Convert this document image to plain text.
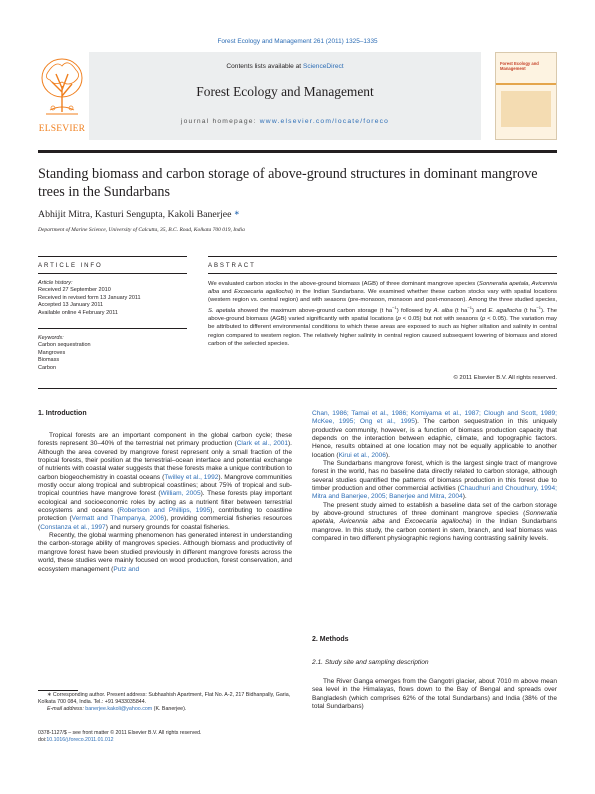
Forest Ecology and Management 261 (2011) 1325–1335
ELSEVIER
Contents lists available at ScienceDirect
Forest Ecology and Management
journal homepage: www.elsevier.com/locate/foreco
Forest Ecology and Management
Standing biomass and carbon storage of above-ground structures in dominant mangrove trees in the Sundarbans
Abhijit Mitra, Kasturi Sengupta, Kakoli Banerjee ∗
Department of Marine Science, University of Calcutta, 35, B.C. Road, Kolkata 700 019, India
ARTICLE INFO	ABSTRACT
Article history:
Received 27 September 2010
Received in revised form 13 January 2011
Accepted 13 January 2011
Available online 4 February 2011
Keywords:
Carbon sequestration
Mangroves
Biomass
Carbon
We evaluated carbon stocks in the above-ground biomass (AGB) of three dominant mangrove species (Sonneratia apetala, Avicennia alba and Excoecaria agallocha) in the Indian Sundarbans. We examined whether these carbon stocks vary with spatial locations (western region vs. central region) and with seasons (pre-monsoon, monsoon and post-monsoon). Among the three studied species, S. apetala showed the maximum above-ground carbon storage (t $ha^{-1}$) followed by A. alba (t $ha^{-1}$) and E. agallocha (t $ha^{-1}$). The above-ground biomass (AGB) varied significantly with spatial locations (p < 0.05) but not with seasons (p < 0.05). The variation may be attributed to different environmental conditions to which these areas are exposed to such as higher siltation and salinity in central region compared to western region. The relatively higher salinity in central region caused subsequent lowering of biomass and stored carbon of the selected species.
© 2011 Elsevier B.V. All rights reserved.
1. Introduction

Tropical forests are an important component in the global carbon cycle; these forests represent 30–40% of the terrestrial net primary production (Clark et al., 2001). Although the area covered by mangrove forest represent only a small fraction of the tropical forests, their position at the terrestrial–ocean interface and potential exchange of nutrients with coastal water suggests that these forests make a unique contribution to carbon biogeochemistry in coastal oceans (Twilley et al., 1992). Mangrove communities mostly occur along tropical and subtropical coastlines; about 75% of tropical and sub-tropical countries have mangrove forest (William, 2005). These forests play important ecological and socioeconomic roles by acting as a nutrient filter between terrestrial ecosystems and oceans (Robertson and Phillips, 1995), contributing to coastline protection (Vermatt and Thampanya, 2006), providing commercial fisheries resources (Constanza et al., 1997) and nursery grounds for coastal fisheries.

Recently, the global warming phenomenon has generated interest in understanding the carbon-storage ability of mangroves species. Although biomass and productivity of mangrove forest have been studied previously in different mangrove forests across the world, these studies were mainly focused on wood production, forest conservation, and ecosystem management (Putz and

∗ Corresponding author. Present address: Subhashish Apartment, Flat No. A-2, 217 Bidhanpally, Garia, Kolkata 700 084, India. Tel.: +91 9433035844.
E-mail address: banerjee.kakoli@yahoo.com (K. Banerjee).
0378-1127/$ – see front matter © 2011 Elsevier B.V. All rights reserved.
doi:10.1016/j.foreco.2011.01.012

Chan, 1986; Tamai et al., 1986; Komiyama et al., 1987; Clough and Scott, 1989; McKee, 1995; Ong et al., 1995). The carbon sequestration in this uniquely productive community, however, is a function of biomass production capacity that depends on the interaction between edaphic, climate, and topographic factors. Hence, results obtained at one location may not be equally applicable to another location (Kirui et al., 2006).

The Sundarbans mangrove forest, which is the largest single tract of mangrove forest in the world, has no baseline data directly related to carbon storage, although several studies quantified the patterns of biomass production in this forest due to timber production and other commercial activities (Chaudhuri and Choudhury, 1994; Mitra and Banerjee, 2005; Banerjee and Mitra, 2004).

The present study aimed to establish a baseline data set of the carbon storage by above-ground structures of three dominant mangrove species (Sonneratia apetala, Avicennia alba and Excoecaria agallocha) in the Indian Sundarbans mangrove. In this study, the carbon content in stem, branch, and leaf biomass was compared in two different physiographic regions having contrasting salinity levels.

2. Methods
2.1. Study site and sampling description

The River Ganga emerges from the Gangotri glacier, about 7010 m above mean sea level in the Himalayas, flows down to the Bay of Bengal and spreads over Bangladesh (which comprises 62% of the total Sundarbans) and India (38% of the total Sundarbans)
